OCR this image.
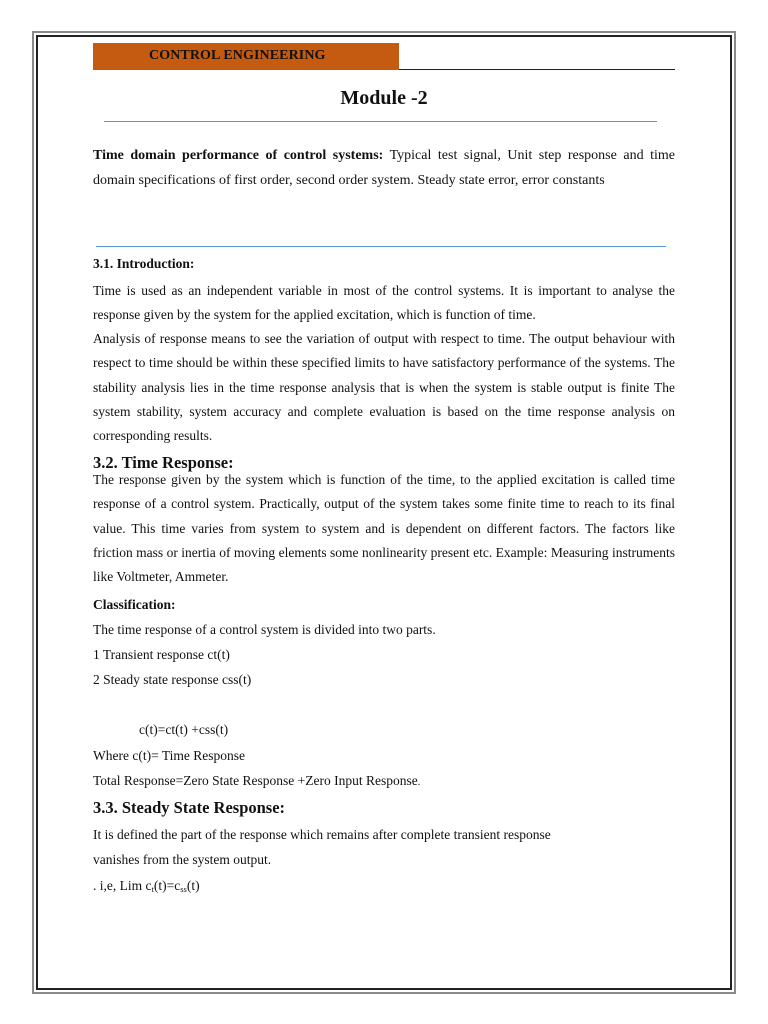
CONTROL ENGINEERING
Module -2
Time domain performance of control systems: Typical test signal, Unit step response and time domain specifications of first order, second order system. Steady state error, error constants
3.1. Introduction:
Time is used as an independent variable in most of the control systems. It is important to analyse the response given by the system for the applied excitation, which is function of time.
Analysis of response means to see the variation of output with respect to time. The output behaviour with respect to time should be within these specified limits to have satisfactory performance of the systems. The stability analysis lies in the time response analysis that is when the system is stable output is finite The system stability, system accuracy and complete evaluation is based on the time response analysis on corresponding results.
3.2. Time Response:
The response given by the system which is function of the time, to the applied excitation is called time response of a control system. Practically, output of the system takes some finite time to reach to its final value. This time varies from system to system and is dependent on different factors. The factors like friction mass or inertia of moving elements some nonlinearity present etc. Example: Measuring instruments like Voltmeter, Ammeter.
Classification:
The time response of a control system is divided into two parts.
1 Transient response ct(t)
2 Steady state response css(t)
c(t)=ct(t) +css(t)
Where c(t)= Time Response
Total Response=Zero State Response +Zero Input Response.
3.3. Steady State Response:
It is defined the part of the response which remains after complete transient response
vanishes from the system output.
. i,e, Lim $c_t(t)=c_{ss}(t)$
